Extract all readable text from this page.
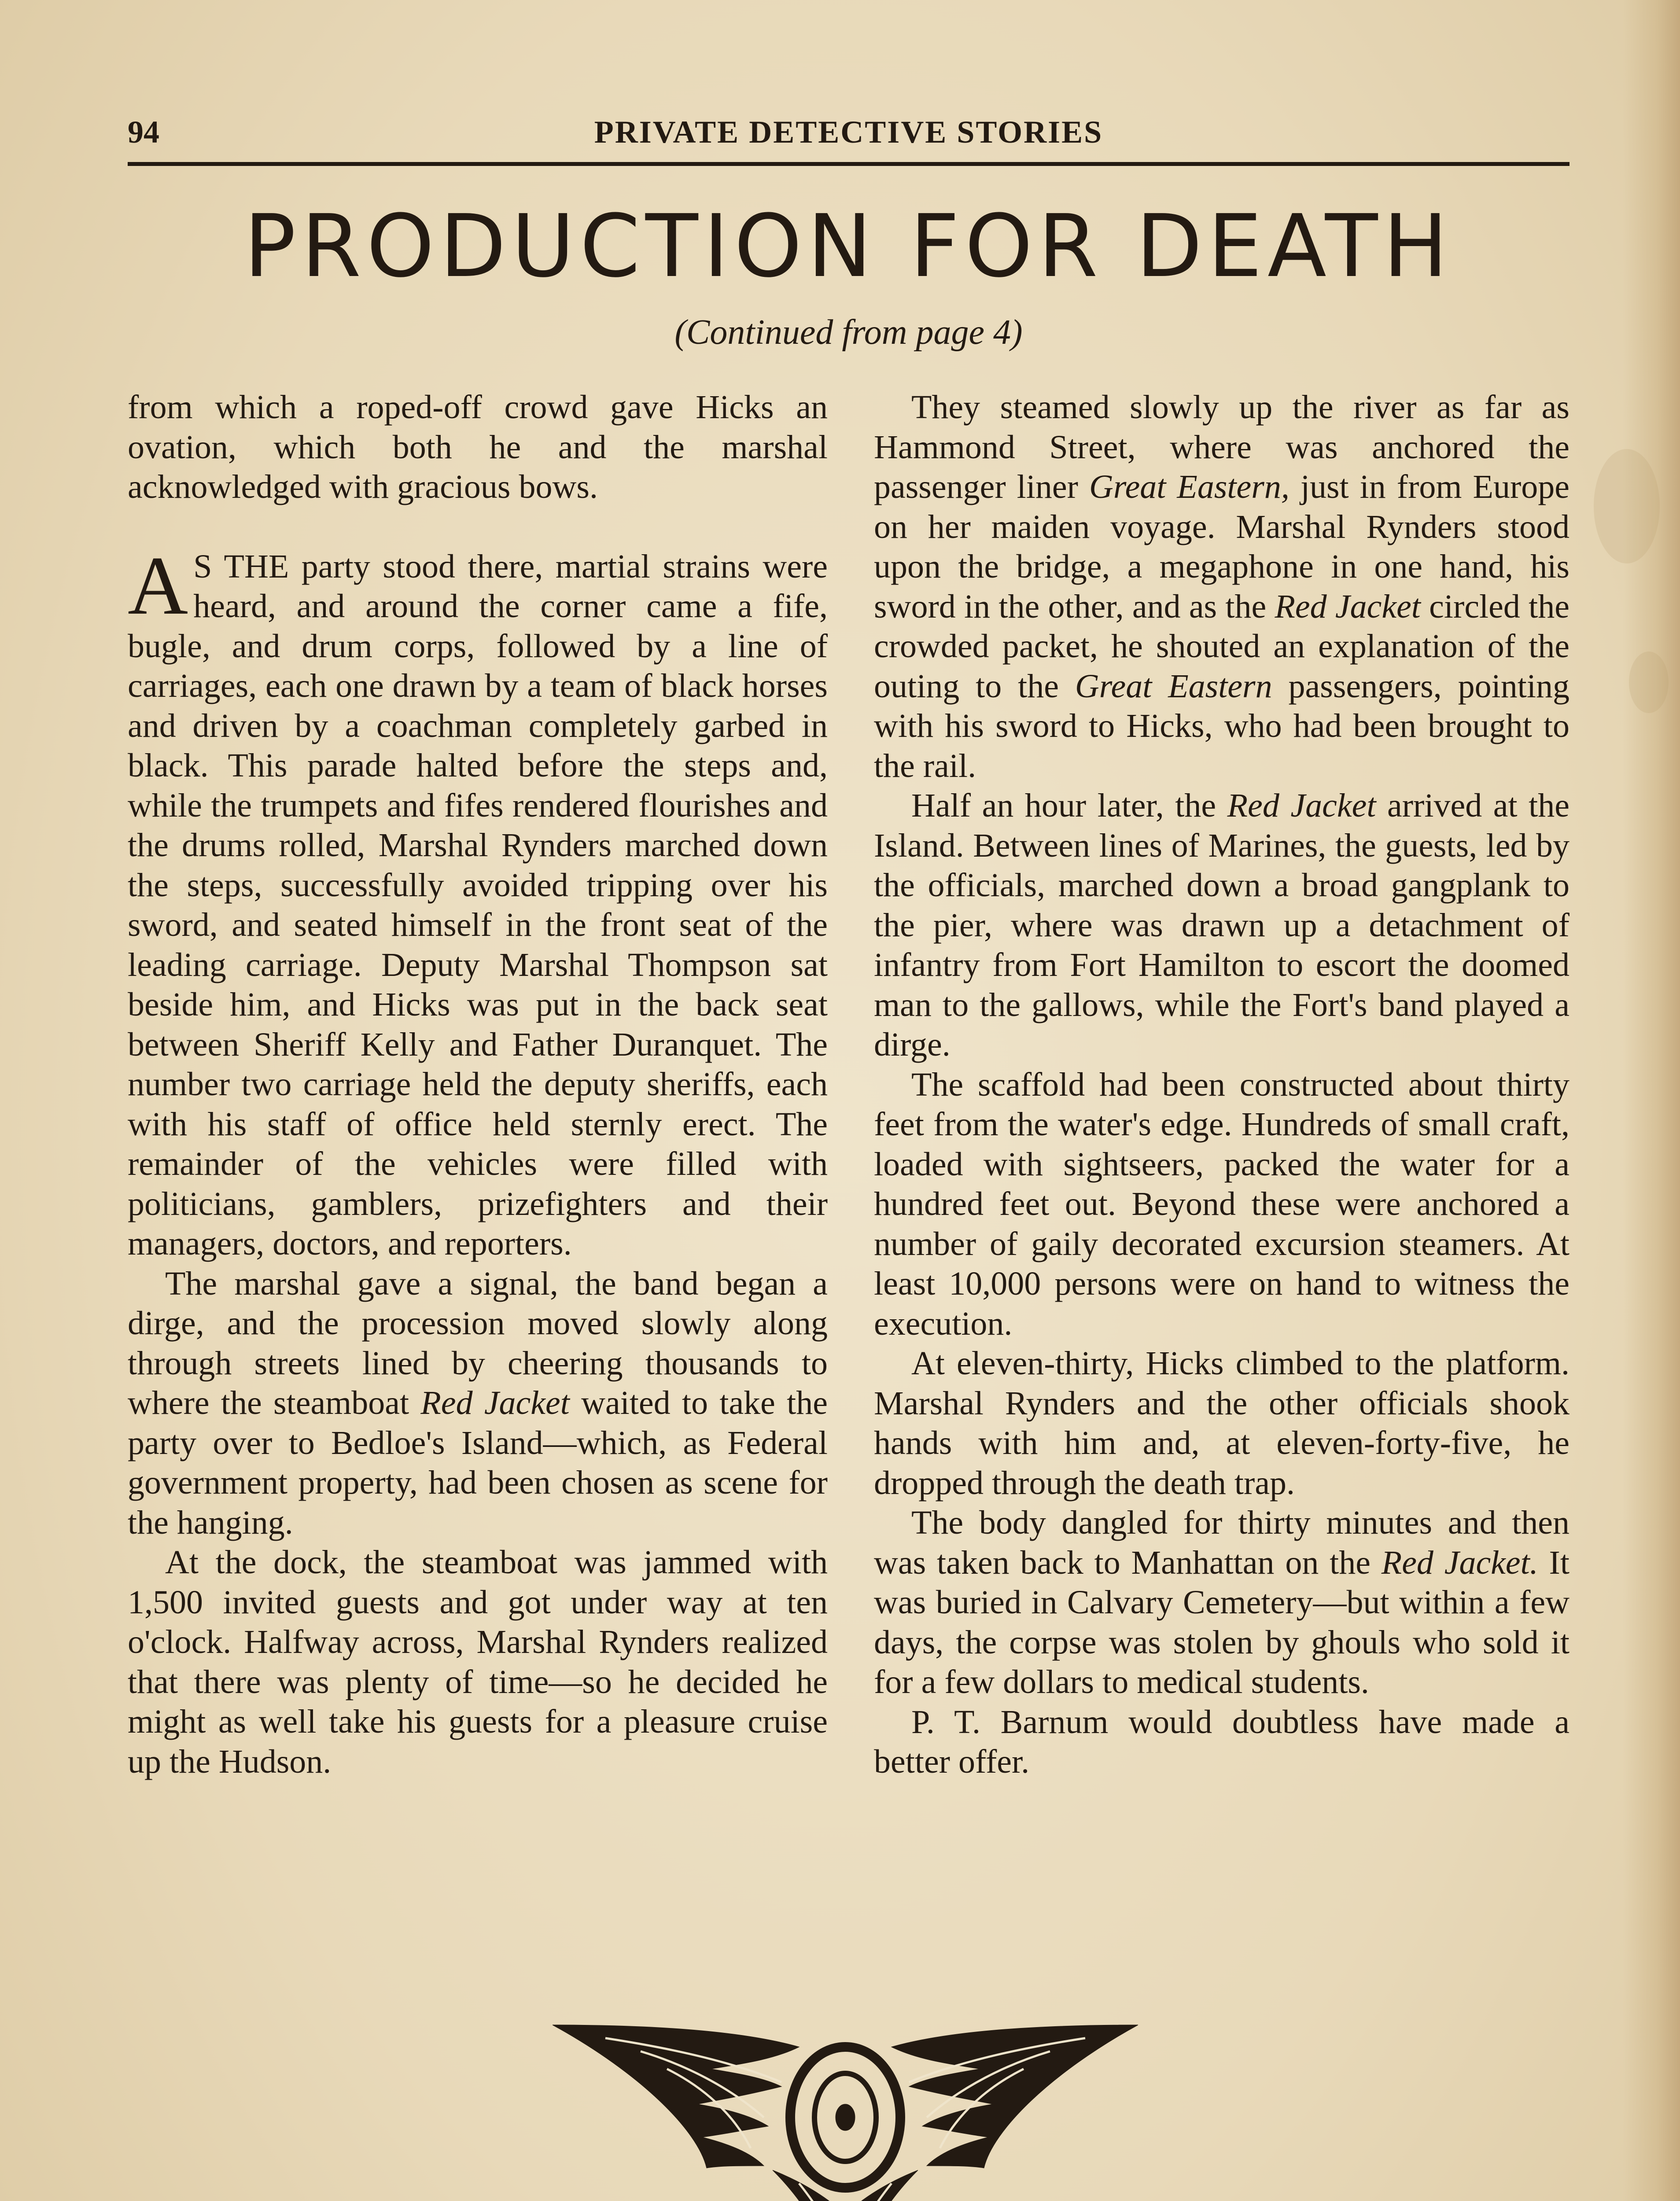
94	PRIVATE DETECTIVE STORIES
PRODUCTION FOR DEATH
(Continued from page 4)

from which a roped-off crowd gave Hicks an ovation, which both he and the marshal acknowledged with gracious bows.

A S THE party stood there, martial strains were heard, and around the corner came a fife, bugle, and drum corps, followed by a line of carriages, each one drawn by a team of black horses and driven by a coachman completely garbed in black. This parade halted before the steps and, while the trumpets and fifes rendered flourishes and the drums rolled, Marshal Rynders marched down the steps, successfully avoided tripping over his sword, and seated himself in the front seat of the leading carriage. Deputy Marshal Thompson sat beside him, and Hicks was put in the back seat between Sheriff Kelly and Father Duranquet. The number two carriage held the deputy sheriffs, each with his staff of office held sternly erect. The remainder of the vehicles were filled with politicians, gamblers, prizefighters and their managers, doctors, and reporters.

The marshal gave a signal, the band began a dirge, and the procession moved slowly along through streets lined by cheering thousands to where the steamboat Red Jacket waited to take the party over to Bedloe's Island—which, as Federal government property, had been chosen as scene for the hanging.

At the dock, the steamboat was jammed with 1,500 invited guests and got under way at ten o'clock. Halfway across, Marshal Rynders realized that there was plenty of time—so he decided he might as well take his guests for a pleasure cruise up the Hudson.

They steamed slowly up the river as far as Hammond Street, where was anchored the passenger liner Great Eastern, just in from Europe on her maiden voyage. Marshal Rynders stood upon the bridge, a megaphone in one hand, his sword in the other, and as the Red Jacket circled the crowded packet, he shouted an explanation of the outing to the Great Eastern passengers, pointing with his sword to Hicks, who had been brought to the rail.

Half an hour later, the Red Jacket arrived at the Island. Between lines of Marines, the guests, led by the officials, marched down a broad gangplank to the pier, where was drawn up a detachment of infantry from Fort Hamilton to escort the doomed man to the gallows, while the Fort's band played a dirge.

The scaffold had been constructed about thirty feet from the water's edge. Hundreds of small craft, loaded with sightseers, packed the water for a hundred feet out. Beyond these were anchored a number of gaily decorated excursion steamers. At least 10,000 persons were on hand to witness the execution.

At eleven-thirty, Hicks climbed to the platform. Marshal Rynders and the other officials shook hands with him and, at eleven-forty-five, he dropped through the death trap.

The body dangled for thirty minutes and then was taken back to Manhattan on the Red Jacket. It was buried in Calvary Cemetery—but within a few days, the corpse was stolen by ghouls who sold it for a few dollars to medical students.

P. T. Barnum would doubtless have made a better offer.
